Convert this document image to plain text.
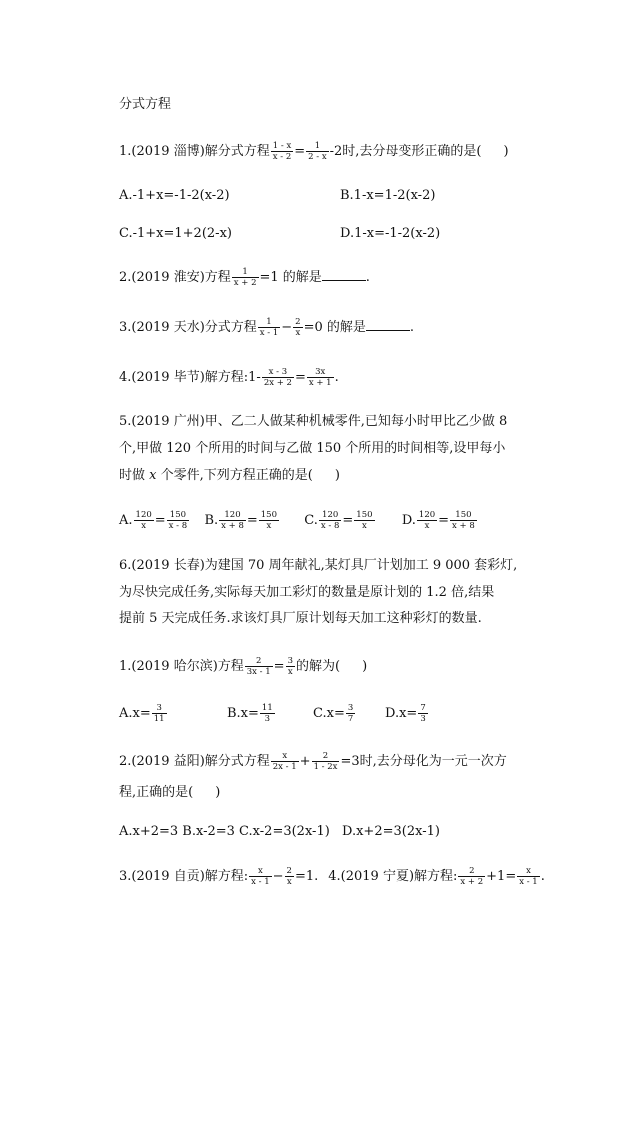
分式方程
1.(2019 淄博)解分式方程 $\frac{1 - x}{x - 2} = \frac{1}{2 - x} -2$时,去分母变形正确的是( )
A.-1+x=-1-2(x-2)	B.1-x=1-2(x-2)
C.-1+x=1+2(2-x)	D.1-x=-1-2(x-2)
2.(2019 淮安)方程 $\frac{1}{x + 2} =1$ 的解是	.
3.(2019 天水)分式方程 $\frac{1}{x - 1} - \frac{2}{x} =0$ 的解是	.
4.(2019 毕节)解方程:1- $\frac{x - 3}{2x + 2} = \frac{3x}{x + 1}$ .
5.(2019 广州)甲、乙二人做某种机械零件,已知每小时甲比乙少做 8
个,甲做 120 个所用的时间与乙做 150 个所用的时间相等,设甲每小
时做 x 个零件,下列方程正确的是( )
A. $\frac{120}{x} = \frac{150}{x - 8} B$. $\frac{120}{x + 8} = \frac{150}{x} C$. $\frac{120}{x - 8} = \frac{150}{x} D$. $\frac{120}{x} = \frac{150}{x + 8}$
6.(2019 长春)为建国 70 周年献礼,某灯具厂计划加工 9 000 套彩灯,
为尽快完成任务,实际每天加工彩灯的数量是原计划的 1.2 倍,结果
提前 5 天完成任务.求该灯具厂原计划每天加工这种彩灯的数量.
1.(2019 哈尔滨)方程 $\frac{2}{3x - 1} = \frac{3}{x}$ 的解为( )
$A.x= \frac{3}{11}$	$B.x= \frac{11}{3}$	$C.x= \frac{3}{7} D.x= \frac{7}{3}$
2.(2019 益阳)解分式方程 $\frac{x}{2x - 1} + \frac{2}{1 - 2x} =3$时,去分母化为一元一次方
程,正确的是( )
A.x+2=3 B.x-2=3 C.x-2=3(2x-1) D.x+2=3(2x-1)
3.(2019 自贡)解方程: $\frac{x}{x - 1} - \frac{2}{x} =1$. 4.(2019 宁夏)解方程: $\frac{2}{x + 2} +1= \frac{x}{x - 1}$ .
